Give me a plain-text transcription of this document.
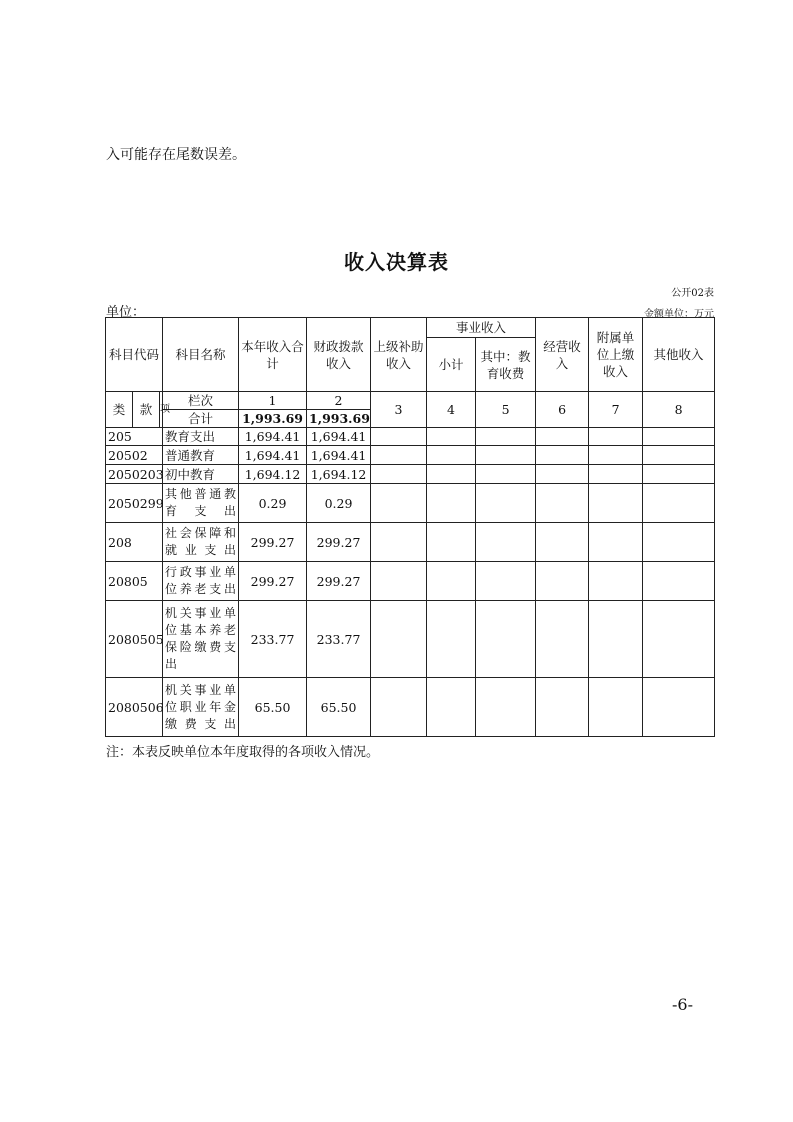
入可能存在尾数误差。
收入决算表
公开02表
单位：	金额单位：万元
科目代码			科目名称	本年收入合计	财政拨款收入	上级补助收入	事业收入		经营收入	附属单位上缴收入	其他收入
							小计	其中：教育收费			
类	款	项	栏次	1	2	3	4	5	6	7	8
			合计	1,993.69	1,993.69						
205			教育支出	1,694.41	1,694.41						
20502			普通教育	1,694.41	1,694.41						
2050203			初中教育	1,694.12	1,694.12						
2050299			其他普通教育支出	0.29	0.29						
208			社会保障和就业支出	299.27	299.27						
20805			行政事业单位养老支出	299.27	299.27						
2080505			机关事业单位基本养老保险缴费支出	233.77	233.77						
2080506			机关事业单位职业年金缴费支出	65.50	65.50						
注：本表反映单位本年度取得的各项收入情况。
-6-
